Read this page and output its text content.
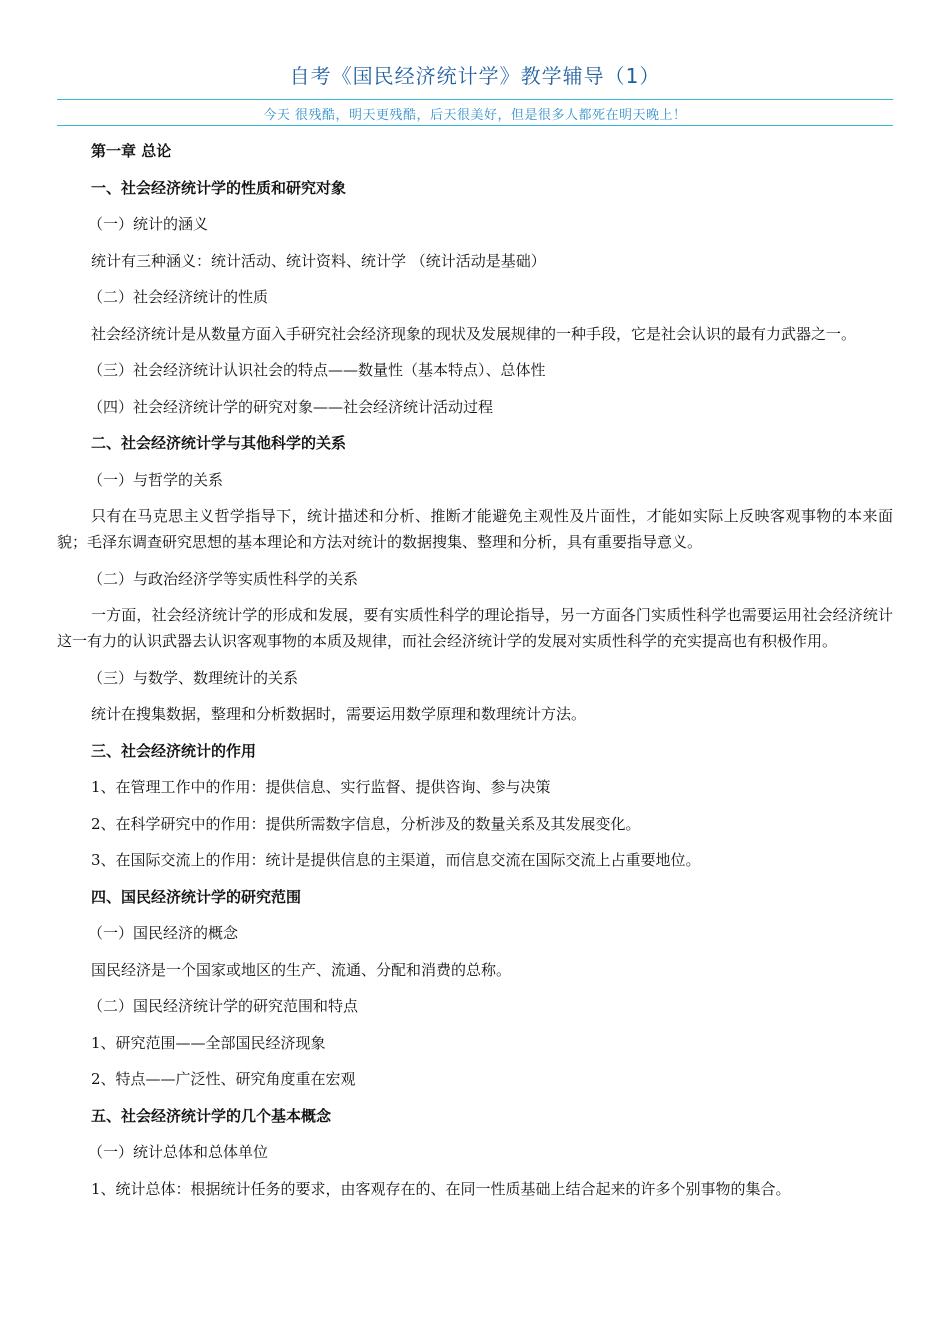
自考《国民经济统计学》教学辅导（1）
今天 很残酷，明天更残酷，后天很美好，但是很多人都死在明天晚上！

第一章 总论

一、社会经济统计学的性质和研究对象

（一）统计的涵义

统计有三种涵义：统计活动、统计资料、统计学 （统计活动是基础）

（二）社会经济统计的性质

社会经济统计是从数量方面入手研究社会经济现象的现状及发展规律的一种手段，它是社会认识的最有力武器之一。

（三）社会经济统计认识社会的特点——数量性（基本特点）、总体性

（四）社会经济统计学的研究对象——社会经济统计活动过程

二、社会经济统计学与其他科学的关系

（一）与哲学的关系

只有在马克思主义哲学指导下，统计描述和分析、推断才能避免主观性及片面性，才能如实际上反映客观事物的本来面貌；毛泽东调查研究思想的基本理论和方法对统计的数据搜集、整理和分析，具有重要指导意义。

（二）与政治经济学等实质性科学的关系

一方面，社会经济统计学的形成和发展，要有实质性科学的理论指导，另一方面各门实质性科学也需要运用社会经济统计这一有力的认识武器去认识客观事物的本质及规律，而社会经济统计学的发展对实质性科学的充实提高也有积极作用。

（三）与数学、数理统计的关系

统计在搜集数据，整理和分析数据时，需要运用数学原理和数理统计方法。

三、社会经济统计的作用

1、在管理工作中的作用：提供信息、实行监督、提供咨询、参与决策

2、在科学研究中的作用：提供所需数字信息，分析涉及的数量关系及其发展变化。

3、在国际交流上的作用：统计是提供信息的主渠道，而信息交流在国际交流上占重要地位。

四、国民经济统计学的研究范围

（一）国民经济的概念

国民经济是一个国家或地区的生产、流通、分配和消费的总称。

（二）国民经济统计学的研究范围和特点

1、研究范围——全部国民经济现象

2、特点——广泛性、研究角度重在宏观

五、社会经济统计学的几个基本概念

（一）统计总体和总体单位

1、统计总体：根据统计任务的要求，由客观存在的、在同一性质基础上结合起来的许多个别事物的集合。
